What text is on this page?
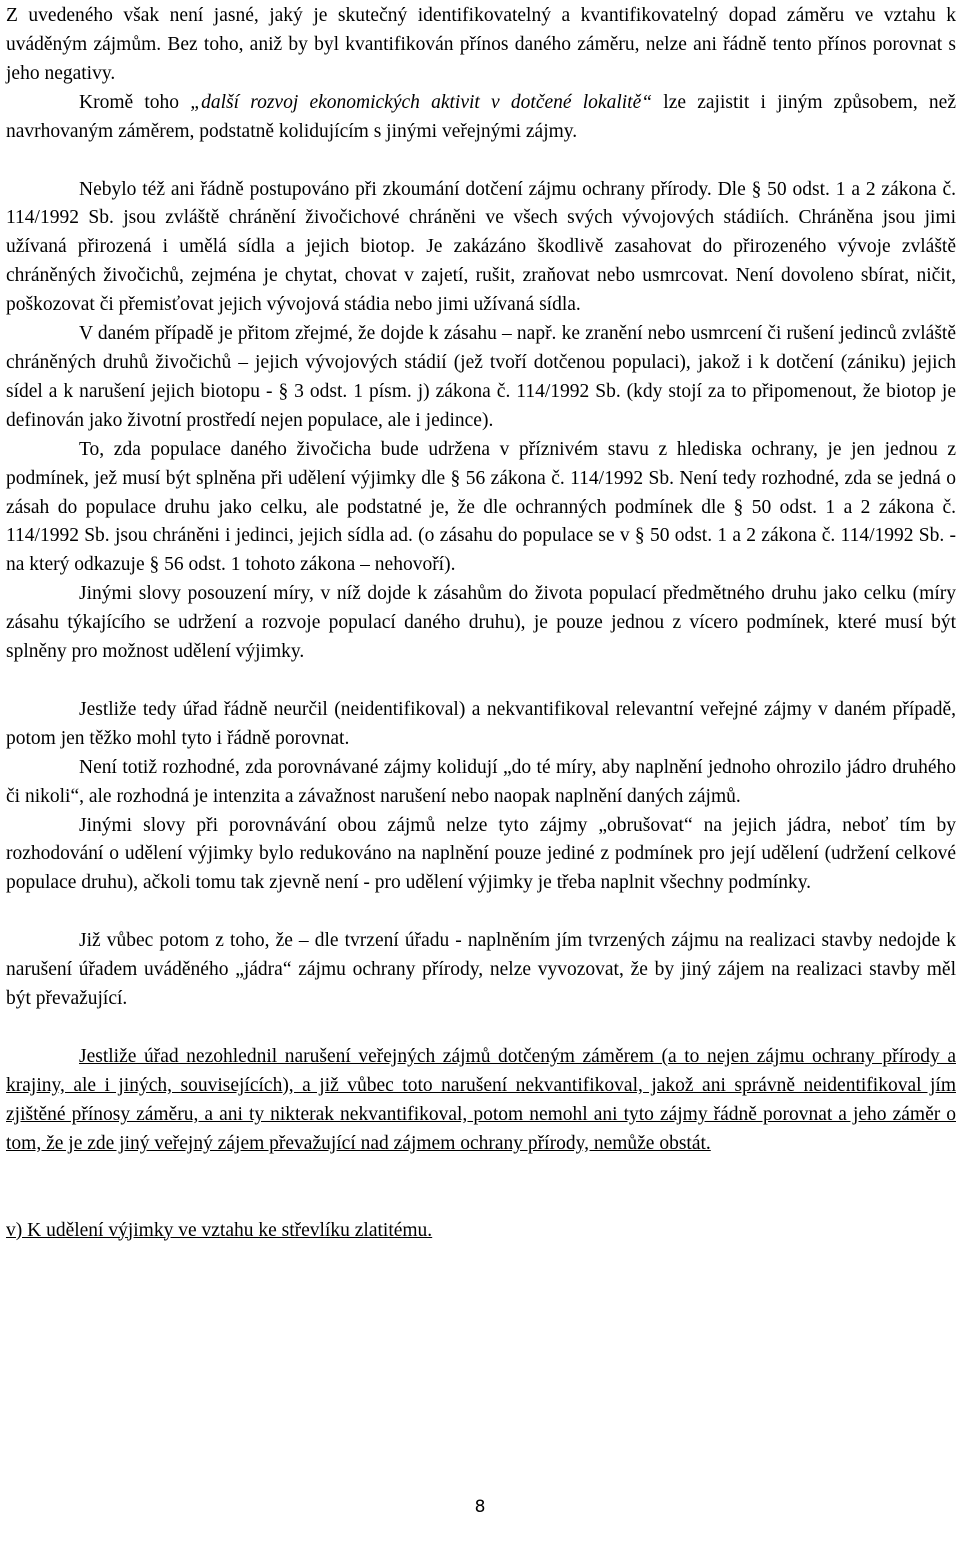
Z uvedeného však není jasné, jaký je skutečný identifikovatelný a kvantifikovatelný dopad záměru ve vztahu k uváděným zájmům. Bez toho, aniž by byl kvantifikován přínos daného záměru, nelze ani řádně tento přínos porovnat s jeho negativy.

Kromě toho „další rozvoj ekonomických aktivit v dotčené lokalitě“ lze zajistit i jiným způsobem, než navrhovaným záměrem, podstatně kolidujícím s jinými veřejnými zájmy.

Nebylo též ani řádně postupováno při zkoumání dotčení zájmu ochrany přírody. Dle § 50 odst. 1 a 2 zákona č. 114/1992 Sb. jsou zvláště chránění živočichové chráněni ve všech svých vývojových stádiích. Chráněna jsou jimi užívaná přirozená i umělá sídla a jejich biotop. Je zakázáno škodlivě zasahovat do přirozeného vývoje zvláště chráněných živočichů, zejména je chytat, chovat v zajetí, rušit, zraňovat nebo usmrcovat. Není dovoleno sbírat, ničit, poškozovat či přemisťovat jejich vývojová stádia nebo jimi užívaná sídla.

V daném případě je přitom zřejmé, že dojde k zásahu – např. ke zranění nebo usmrcení či rušení jedinců zvláště chráněných druhů živočichů – jejich vývojových stádií (jež tvoří dotčenou populaci), jakož i k dotčení (zániku) jejich sídel a k narušení jejich biotopu - § 3 odst. 1 písm. j) zákona č. 114/1992 Sb. (kdy stojí za to připomenout, že biotop je definován jako životní prostředí nejen populace, ale i jedince).

To, zda populace daného živočicha bude udržena v příznivém stavu z hlediska ochrany, je jen jednou z podmínek, jež musí být splněna při udělení výjimky dle § 56 zákona č. 114/1992 Sb. Není tedy rozhodné, zda se jedná o zásah do populace druhu jako celku, ale podstatné je, že dle ochranných podmínek dle § 50 odst. 1 a 2 zákona č. 114/1992 Sb. jsou chráněni i jedinci, jejich sídla ad. (o zásahu do populace se v § 50 odst. 1 a 2 zákona č. 114/1992 Sb. - na který odkazuje § 56 odst. 1 tohoto zákona – nehovoří).

Jinými slovy posouzení míry, v níž dojde k zásahům do života populací předmětného druhu jako celku (míry zásahu týkajícího se udržení a rozvoje populací daného druhu), je pouze jednou z vícero podmínek, které musí být splněny pro možnost udělení výjimky.

Jestliže tedy úřad řádně neurčil (neidentifikoval) a nekvantifikoval relevantní veřejné zájmy v daném případě, potom jen těžko mohl tyto i řádně porovnat.

Není totiž rozhodné, zda porovnávané zájmy kolidují „do té míry, aby naplnění jednoho ohrozilo jádro druhého či nikoli“, ale rozhodná je intenzita a závažnost narušení nebo naopak naplnění daných zájmů.

Jinými slovy při porovnávání obou zájmů nelze tyto zájmy „obrušovat“ na jejich jádra, neboť tím by rozhodování o udělení výjimky bylo redukováno na naplnění pouze jediné z podmínek pro její udělení (udržení celkové populace druhu), ačkoli tomu tak zjevně není - pro udělení výjimky je třeba naplnit všechny podmínky.

Již vůbec potom z toho, že – dle tvrzení úřadu - naplněním jím tvrzených zájmu na realizaci stavby nedojde k narušení úřadem uváděného „jádra“ zájmu ochrany přírody, nelze vyvozovat, že by jiný zájem na realizaci stavby měl být převažující.

Jestliže úřad nezohlednil narušení veřejných zájmů dotčeným záměrem (a to nejen zájmu ochrany přírody a krajiny, ale i jiných, souvisejících), a již vůbec toto narušení nekvantifikoval, jakož ani správně neidentifikoval jím zjištěné přínosy záměru, a ani ty nikterak nekvantifikoval, potom nemohl ani tyto zájmy řádně porovnat a jeho záměr o tom, že je zde jiný veřejný zájem převažující nad zájmem ochrany přírody, nemůže obstát.

v) K udělení výjimky ve vztahu ke střevlíku zlatitému.

8
